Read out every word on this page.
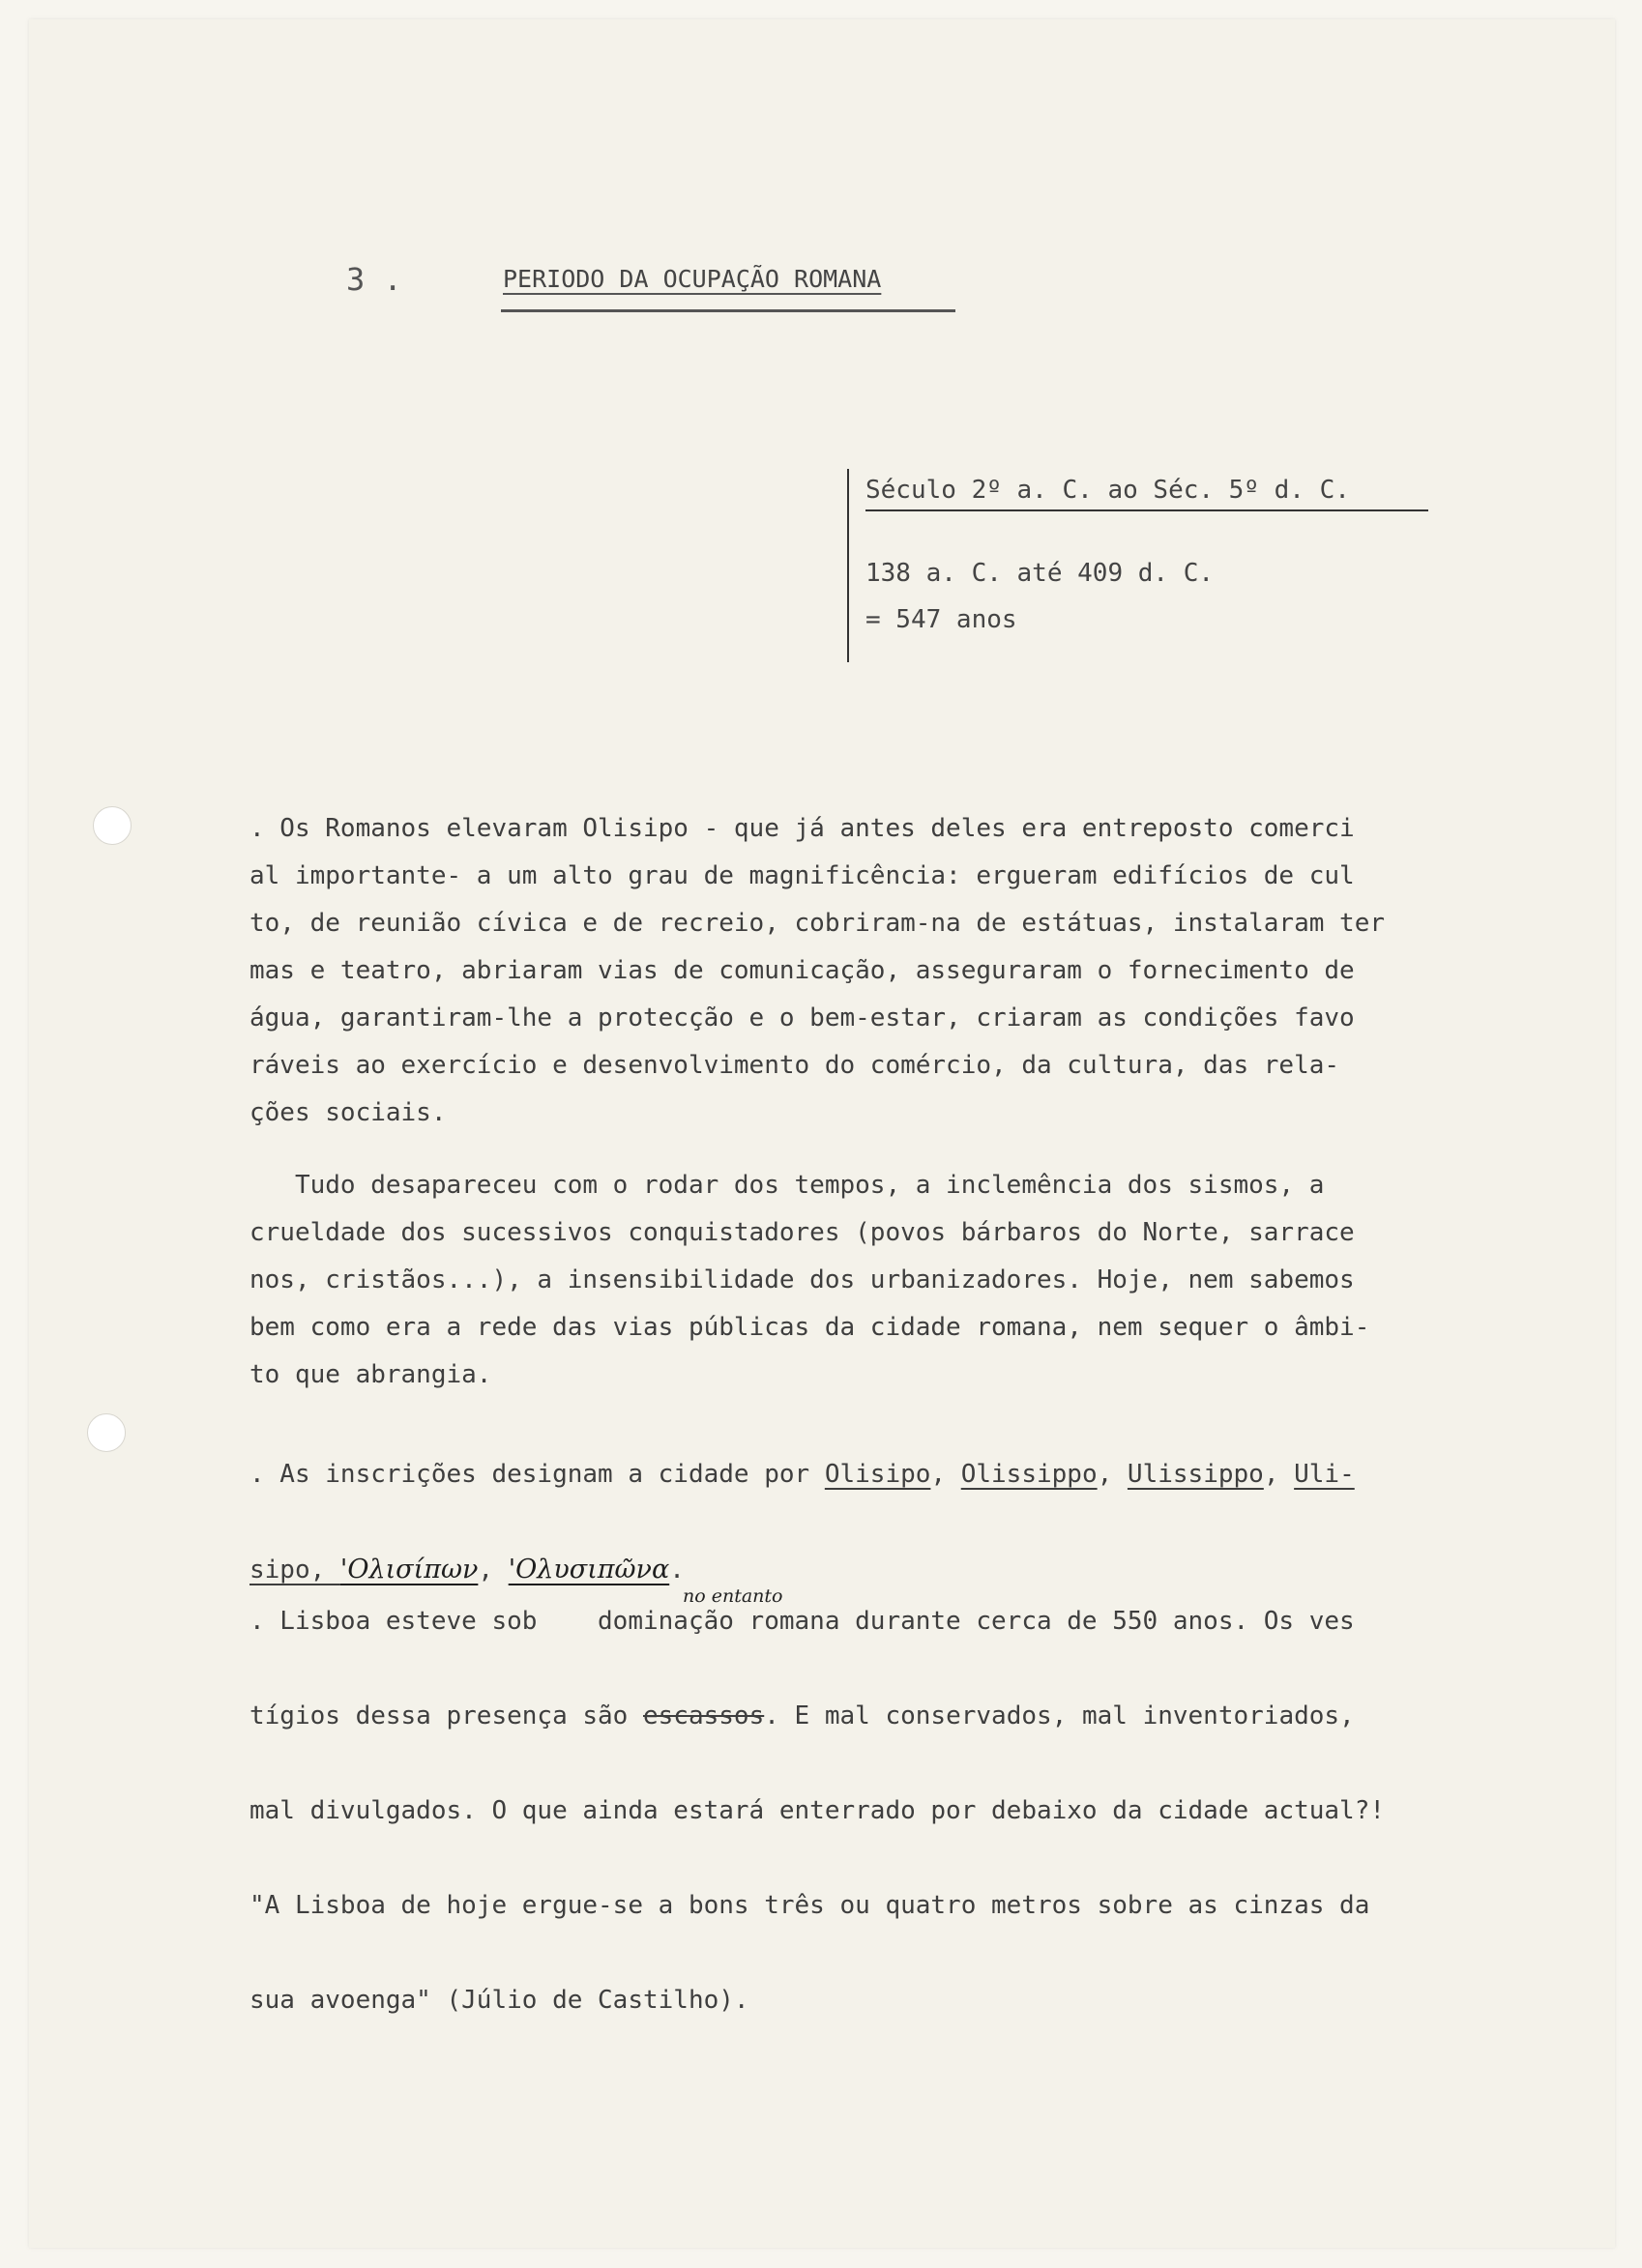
3 .	PERIODO DA OCUPAÇÃO ROMANA
Século 2º a. C. ao Séc. 5º d. C.
138 a. C. até 409 d. C.
= 547 anos

. Os Romanos elevaram Olisipo - que já antes deles era entreposto comerci
al importante- a um alto grau de magnificência: ergueram edifícios de cul
to, de reunião cívica e de recreio, cobriram-na de estátuas, instalaram ter
mas e teatro, abriaram vias de comunicação, asseguraram o fornecimento de
água, garantiram-lhe a protecção e o bem-estar, criaram as condições favo
ráveis ao exercício e desenvolvimento do comércio, da cultura, das rela-
ções sociais.

Tudo desapareceu com o rodar dos tempos, a inclemência dos sismos, a
crueldade dos sucessivos conquistadores (povos bárbaros do Norte, sarrace
nos, cristãos...), a insensibilidade dos urbanizadores. Hoje, nem sabemos
bem como era a rede das vias públicas da cidade romana, nem sequer o âmbi-
to que abrangia.

. As inscrições designam a cidade por Olisipo, Olissippo, Ulissippo, Uli-

sipo, 'Ολισίπων, 'Ολυσιπῶνα.

no entanto

. Lisboa esteve sob    dominação romana durante cerca de 550 anos. Os ves

tígios dessa presença são escassos. E mal conservados, mal inventoriados,

mal divulgados. O que ainda estará enterrado por debaixo da cidade actual?!

"A Lisboa de hoje ergue-se a bons três ou quatro metros sobre as cinzas da

sua avoenga" (Júlio de Castilho).
